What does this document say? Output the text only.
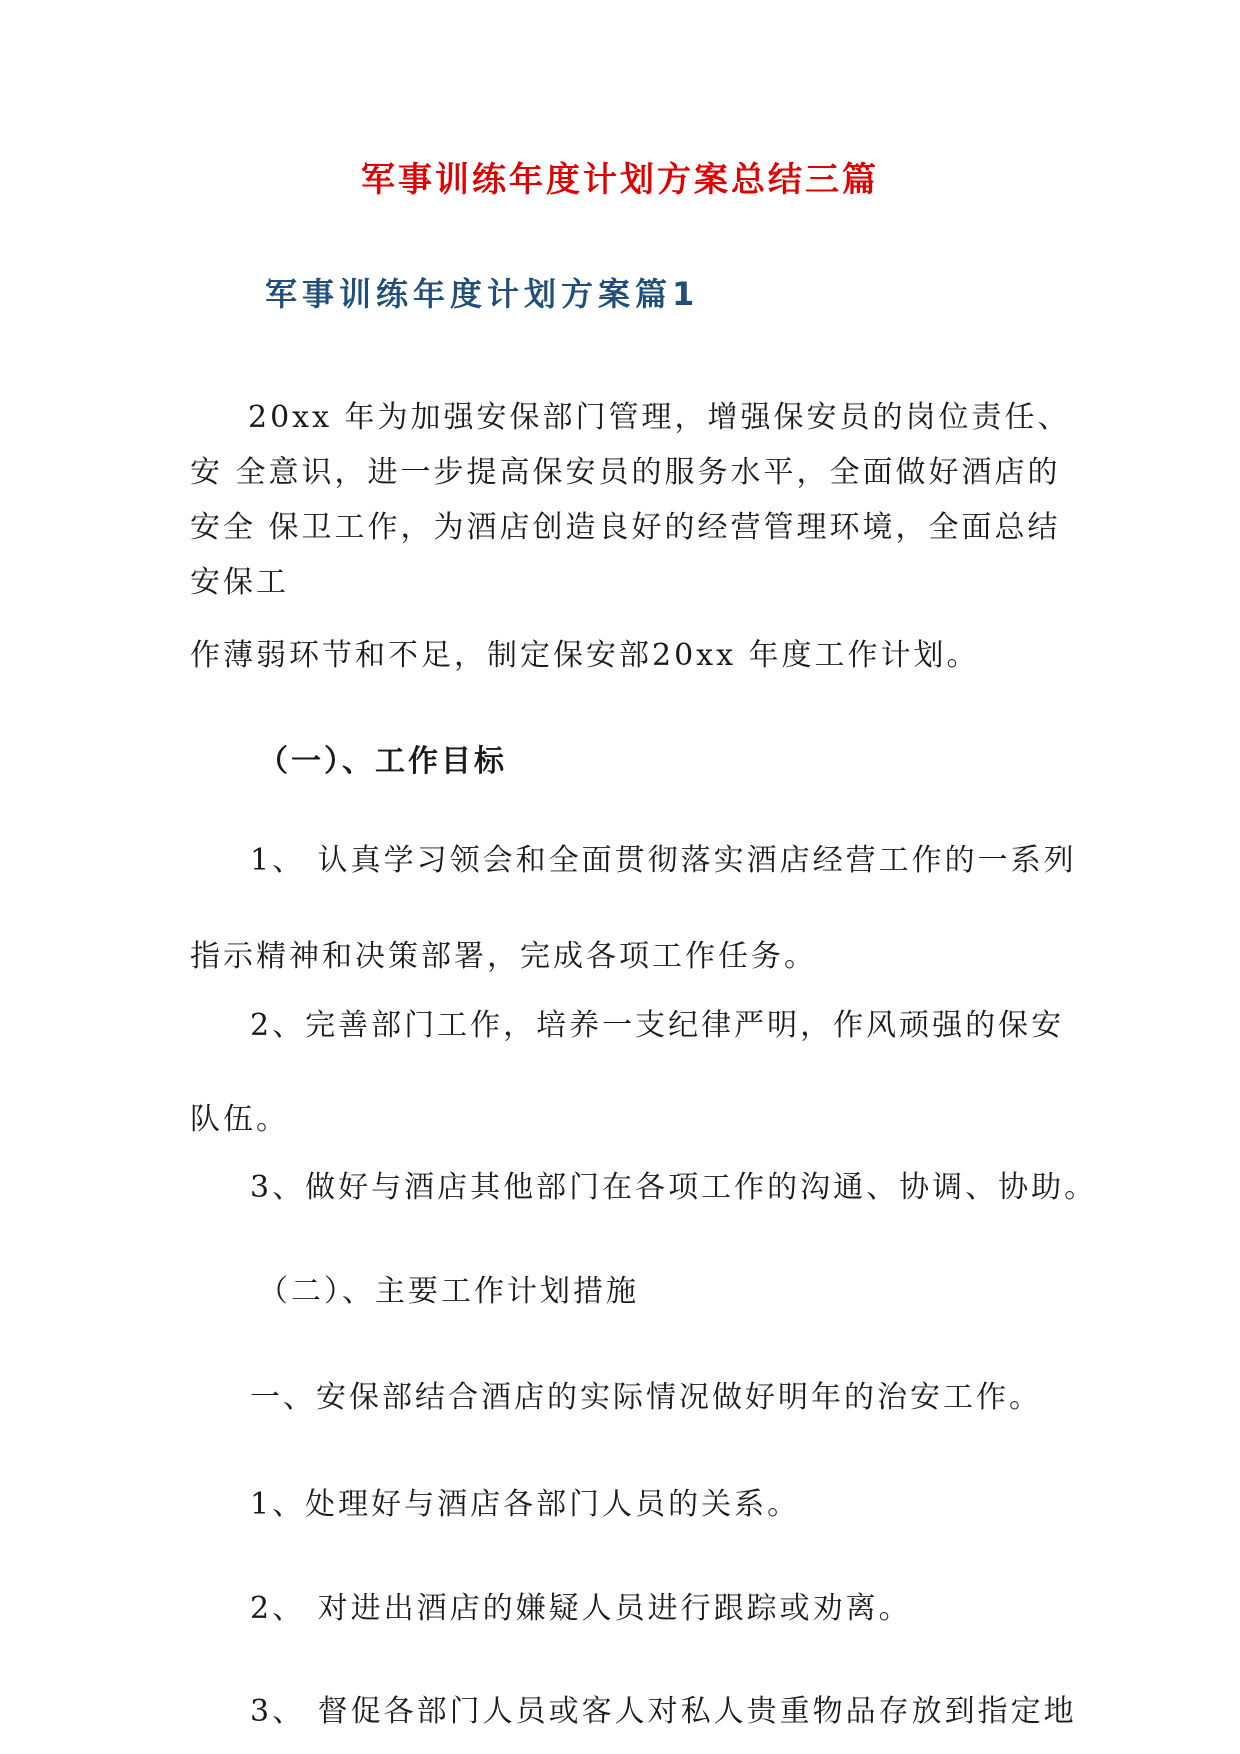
军事训练年度计划方案总结三篇
军事训练年度计划方案篇1
20xx 年为加强安保部门管理，增强保安员的岗位责任、
安 全意识，进一步提高保安员的服务水平，全面做好酒店的
安全 保卫工作，为酒店创造良好的经营管理环境，全面总结
安保工
作薄弱环节和不足，制定保安部20xx 年度工作计划。
（一）、工作目标
1、 认真学习领会和全面贯彻落实酒店经营工作的一系列
指示精神和决策部署，完成各项工作任务。
2、完善部门工作，培养一支纪律严明，作风顽强的保安
队伍。
3、做好与酒店其他部门在各项工作的沟通、协调、协助。
（二）、主要工作计划措施
一、安保部结合酒店的实际情况做好明年的治安工作。
1、处理好与酒店各部门人员的关系。
2、 对进出酒店的嫌疑人员进行跟踪或劝离。
3、 督促各部门人员或客人对私人贵重物品存放到指定地
